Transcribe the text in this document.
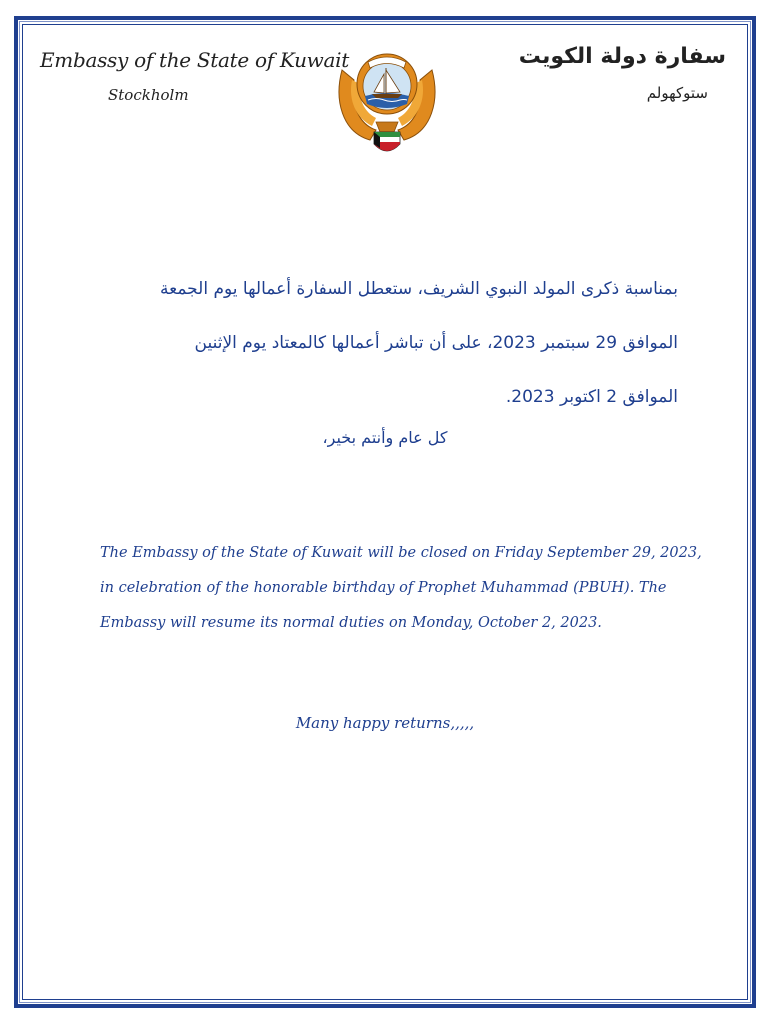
Embassy of the State of Kuwait
Stockholm
سفارة دولة الكويت
ستوكهولم
بمناسبة ذكرى المولد النبوي الشريف، ستعطل السفارة أعمالها يوم الجمعة
الموافق 29 سبتمبر 2023، على أن تباشر أعمالها كالمعتاد يوم الإثنين
الموافق 2 اكتوبر 2023.
كل عام وأنتم بخير،
The Embassy of the State of Kuwait will be closed on Friday September 29, 2023,
in celebration of the honorable birthday of Prophet Muhammad (PBUH). The
Embassy will resume its normal duties on Monday, October 2, 2023.
Many happy returns,,,,,
